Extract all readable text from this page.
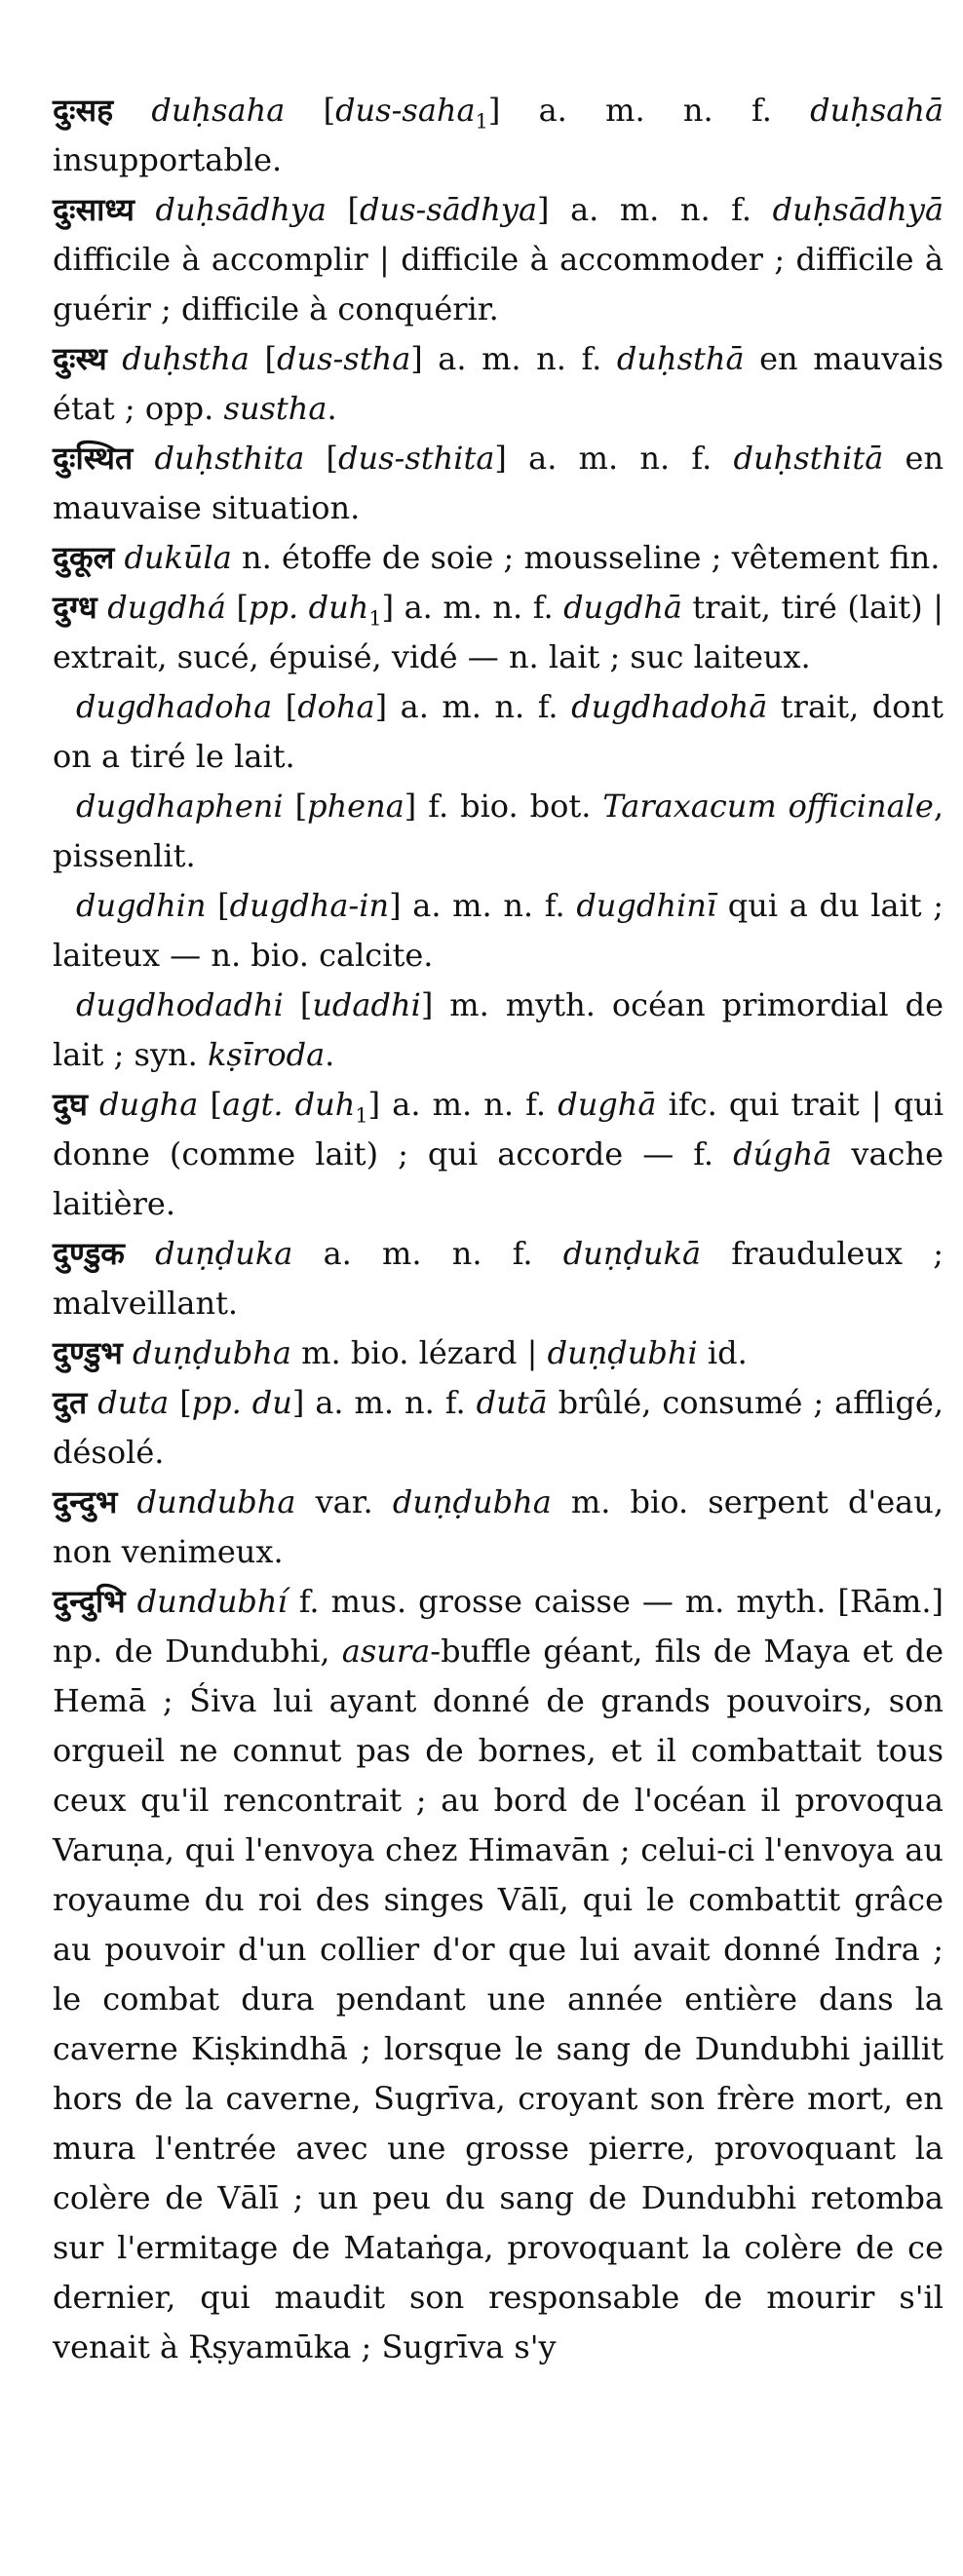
दुःसह duḥsaha [dus-saha$_1$] a. m. n. f. duḥsahā insupportable.

दुःसाध्य duḥsādhya [dus-sādhya] a. m. n. f. duḥsādhyā difficile à accomplir | difficile à accommoder ; difficile à guérir ; difficile à conquérir.

दुःस्थ duḥstha [dus-stha] a. m. n. f. duḥsthā en mauvais état ; opp. sustha.

दुःस्थित duḥsthita [dus-sthita] a. m. n. f. duḥsthitā en mauvaise situation.

दुकूल dukūla n. étoffe de soie ; mousseline ; vêtement fin.

दुग्ध dugdhá [pp. duh$_1$] a. m. n. f. dugdhā trait, tiré (lait) | extrait, sucé, épuisé, vidé — n. lait ; suc laiteux.

dugdhadoha [doha] a. m. n. f. dugdhadohā trait, dont on a tiré le lait.

dugdhapheni [phena] f. bio. bot. Taraxacum officinale, pissenlit.

dugdhin [dugdha-in] a. m. n. f. dugdhinī qui a du lait ; laiteux — n. bio. calcite.

dugdhodadhi [udadhi] m. myth. océan primordial de lait ; syn. kṣīroda.

दुघ dugha [agt. duh$_1$] a. m. n. f. dughā ifc. qui trait | qui donne (comme lait) ; qui accorde — f. dúghā vache laitière.

दुण्डुक duṇḍuka a. m. n. f. duṇḍukā frauduleux ; malveillant.

दुण्डुभ duṇḍubha m. bio. lézard | duṇḍubhi id.

दुत duta [pp. du] a. m. n. f. dutā brûlé, consumé ; affligé, désolé.

दुन्दुभ dundubha var. duṇḍubha m. bio. serpent d'eau, non venimeux.

दुन्दुभि dundubhí f. mus. grosse caisse — m. myth. [Rām.] np. de Dundubhi, asura-buffle géant, fils de Maya et de Hemā ; Śiva lui ayant donné de grands pouvoirs, son orgueil ne connut pas de bornes, et il combattait tous ceux qu'il rencontrait ; au bord de l'océan il provoqua Varuṇa, qui l'envoya chez Himavān ; celui-ci l'envoya au royaume du roi des singes Vālī, qui le combattit grâce au pouvoir d'un collier d'or que lui avait donné Indra ; le combat dura pendant une année entière dans la caverne Kiṣkindhā ; lorsque le sang de Dundubhi jaillit hors de la caverne, Sugrīva, croyant son frère mort, en mura l'entrée avec une grosse pierre, provoquant la colère de Vālī ; un peu du sang de Dundubhi retomba sur l'ermitage de Mataṅga, provoquant la colère de ce dernier, qui maudit son responsable de mourir s'il venait à Ṛṣyamūka ; Sugrīva s'y
